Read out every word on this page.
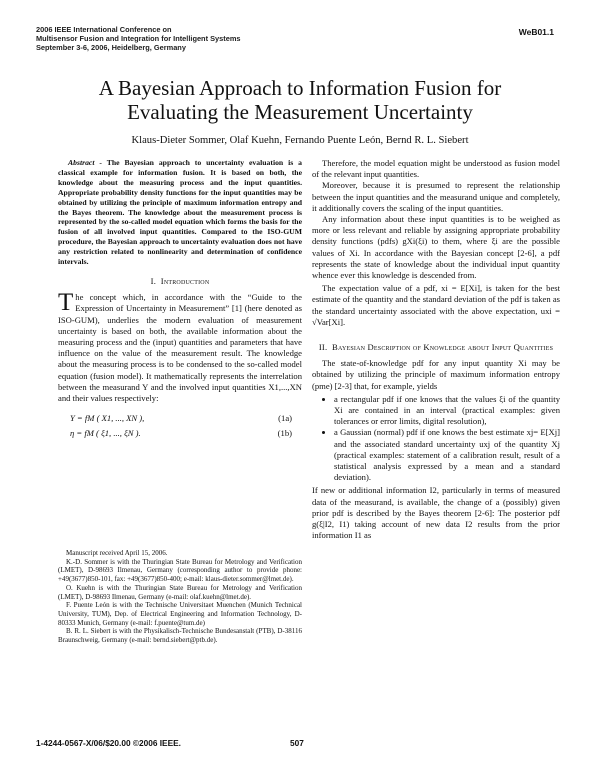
2006 IEEE International Conference on
Multisensor Fusion and Integration for Intelligent Systems
September 3-6, 2006, Heidelberg, Germany
WeB01.1
A Bayesian Approach to Information Fusion for
Evaluating the Measurement Uncertainty
Klaus-Dieter Sommer, Olaf Kuehn, Fernando Puente León, Bernd R. L. Siebert

Abstract - The Bayesian approach to uncertainty evaluation is a classical example for information fusion. It is based on both, the knowledge about the measuring process and the input quantities. Appropriate probability density functions for the input quantities may be obtained by utilizing the principle of maximum information entropy and the Bayes theorem. The knowledge about the measurement process is represented by the so-called model equation which forms the basis for the fusion of all involved input quantities. Compared to the ISO-GUM procedure, the Bayesian approach to uncertainty evaluation does not have any restriction related to nonlinearity and determination of confidence intervals.

I. Introduction

The concept which, in accordance with the “Guide to the Expression of Uncertainty in Measurement” [1] (here denoted as ISO-GUM), underlies the modern evaluation of measurement uncertainty is based on both, the available information about the measuring process and the (input) quantities and parameters that have influence on the value of the measurement result. The knowledge about the measuring process is to be condensed to the so-called model equation (fusion model). It mathematically represents the interrelation between the measurand Y and the involved input quantities X1,...,XN and their values respectively:

Y = fM ( X1, ..., XN ),	(1a)
η = fM ( ξ1, ..., ξN ).	(1b)

Manuscript received April 15, 2006.

K.-D. Sommer is with the Thuringian State Bureau for Metrology and Verification (LMET), D-98693 Ilmenau, Germany (corresponding author to provide phone: +49(3677)850-101, fax: +49(3677)850-400; e-mail: klaus-dieter.sommer@lmet.de).

O. Kuehn is with the Thuringian State Bureau for Metrology and Verification (LMET), D-98693 Ilmenau, Germany (e-mail: olaf.kuehn@lmet.de).

F. Puente León is with the Technische Universitaet Muenchen (Munich Technical University, TUM), Dep. of Electrical Engineering and Information Technology, D-80333 Munich, Germany (e-mail: f.puente@tum.de)

B. R. L. Siebert is with the Physikalisch-Technische Bundesanstalt (PTB), D-38116 Braunschweig, Germany (e-mail: bernd.siebert@ptb.de).

Therefore, the model equation might be understood as fusion model of the relevant input quantities.

Moreover, because it is presumed to represent the relationship between the input quantities and the measurand unique and completely, it additionally covers the scaling of the input quantities.

Any information about these input quantities is to be weighed as more or less relevant and reliable by assigning appropriate probability density functions (pdfs) gXi(ξi) to them, where ξi are the possible values of Xi. In accordance with the Bayesian concept [2-6], a pdf represents the state of knowledge about the individual input quantity whence ever this knowledge is descended from.

The expectation value of a pdf, xi = E[Xi], is taken for the best estimate of the quantity and the standard deviation of the pdf is taken as the standard uncertainty associated with the above expectation, uxi = √Var[Xi].

II. Bayesian Description of Knowledge about Input Quantities

The state-of-knowledge pdf for any input quantity Xi may be obtained by utilizing the principle of maximum information entropy (pme) [2-3] that, for example, yields

• a rectangular pdf if one knows that the values ξi of the quantity Xi are contained in an interval (practical examples: given tolerances or error limits, digital resolution),
• a Gaussian (normal) pdf if one knows the best estimate xj= E[Xj] and the associated standard uncertainty uxj of the quantity Xj (practical examples: statement of a calibration result, result of a statistical analysis expressed by a mean and a standard deviation).

If new or additional information I2, particularly in terms of measured data of the measurand, is available, the change of a (possibly) given prior pdf is described by the Bayes theorem [2-6]: The posterior pdf g(ξ|I2, I1) taking account of new data I2 results from the prior information I1 as

1-4244-0567-X/06/$20.00 ©2006 IEEE.	507
